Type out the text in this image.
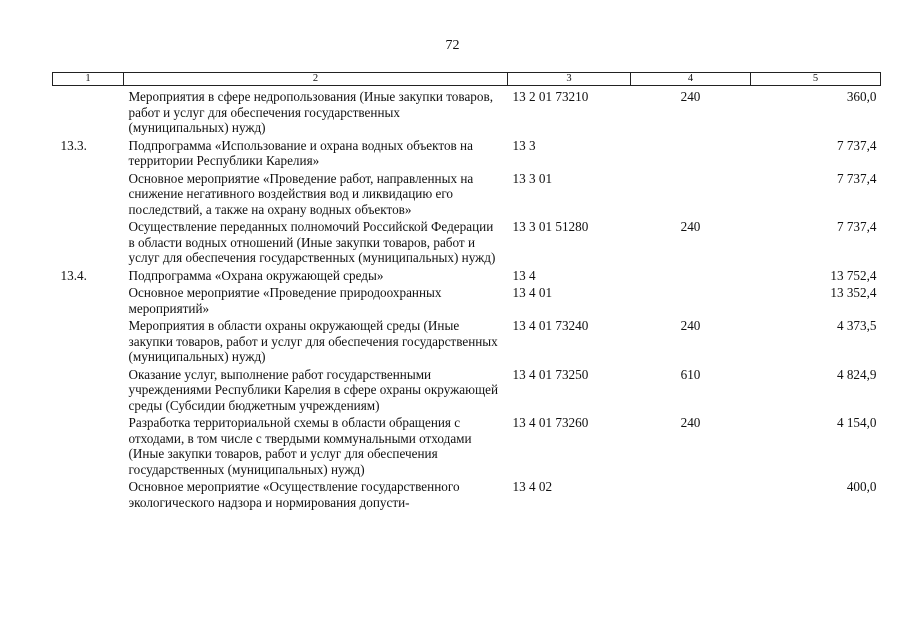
72
1	2	3	4	5
	Мероприятия в сфере недропользования (Иные закупки товаров, работ и услуг для обеспечения государственных (муниципальных) нужд)	13 2 01 73210	240	360,0
13.3.	Подпрограмма «Использование и охрана водных объектов на территории Республики Карелия»	13 3		7 737,4
	Основное мероприятие «Проведение работ, направленных на снижение негативного воздействия вод и ликвидацию его последствий, а также на охрану водных объектов»	13 3 01		7 737,4
	Осуществление переданных полномочий Российской Федерации в области водных отношений (Иные закупки товаров, работ и услуг для обеспечения государственных (муниципальных) нужд)	13 3 01 51280	240	7 737,4
13.4.	Подпрограмма «Охрана окружающей среды»	13 4		13 752,4
	Основное мероприятие «Проведение природоохранных мероприятий»	13 4 01		13 352,4
	Мероприятия в области охраны окружающей среды (Иные закупки товаров, работ и услуг для обеспечения государственных (муниципальных) нужд)	13 4 01 73240	240	4 373,5
	Оказание услуг, выполнение работ государственными учреждениями Республики Карелия в сфере охраны окружающей среды (Субсидии бюджетным учреждениям)	13 4 01 73250	610	4 824,9
	Разработка территориальной схемы в области обращения с отходами, в том числе с твердыми коммунальными отходами (Иные закупки товаров, работ и услуг для обеспечения государственных (муниципальных) нужд)	13 4 01 73260	240	4 154,0
	Основное мероприятие «Осуществление государственного экологического надзора и нормирования допусти-	13 4 02		400,0
